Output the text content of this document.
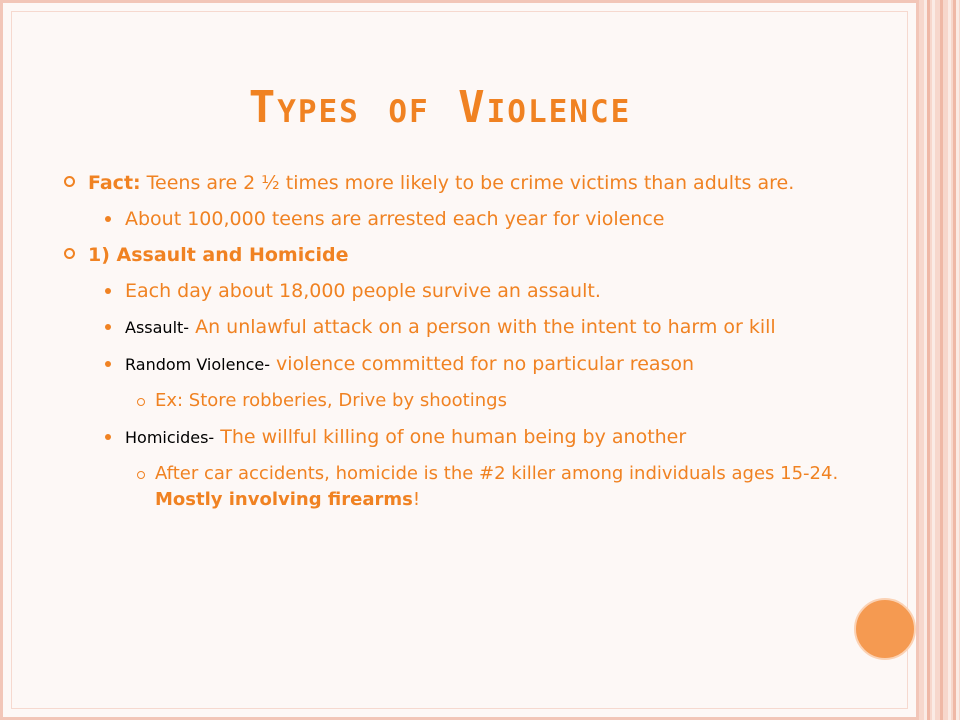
Types of Violence
Fact: Teens are 2 ½ times more likely to be crime victims than adults are.
About 100,000 teens are arrested each year for violence
1) Assault and Homicide
Each day about 18,000 people survive an assault.
Assault- An unlawful attack on a person with the intent to harm or kill
Random Violence- violence committed for no particular reason
Ex: Store robberies, Drive by shootings
Homicides- The willful killing of one human being by another
After car accidents, homicide is the #2 killer among individuals ages 15-24. Mostly involving firearms!
